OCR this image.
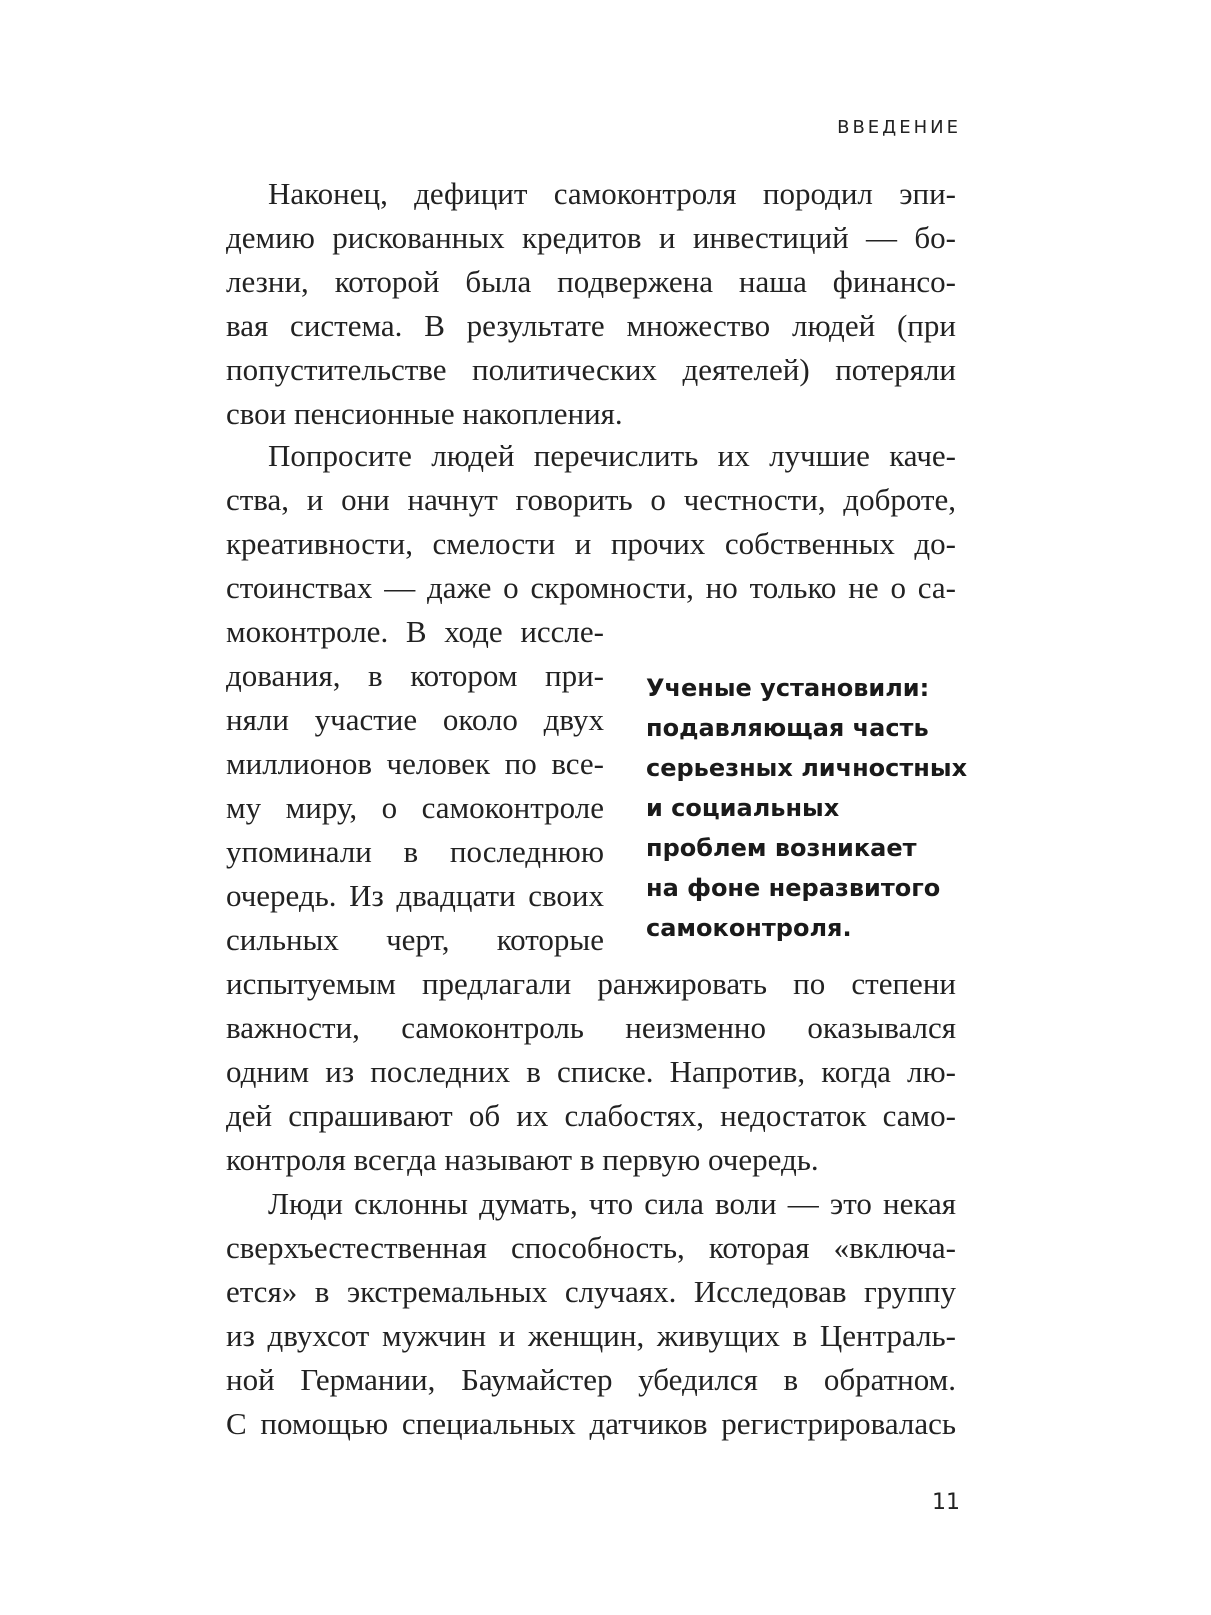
ВВЕДЕНИЕ

Наконец, дефицит самоконтроля породил эпи-

демию рискованных кредитов и инвестиций — бо-

лезни, которой была подвержена наша финансо-

вая система. В результате множество людей (при

попустительстве политических деятелей) потеряли

свои пенсионные накопления.

Попросите людей перечислить их лучшие каче-

ства, и они начнут говорить о честности, доброте,

креативности, смелости и прочих собственных до-

стоинствах — даже о скромности, но только не о са-

моконтроле. В ходе иссле-

дования, в котором при-

няли участие около двух

миллионов человек по все-

му миру, о самоконтроле

упоминали в последнюю

очередь. Из двадцати своих

сильных черт, которые

испытуемым предлагали ранжировать по степени

важности, самоконтроль неизменно оказывался

одним из последних в списке. Напротив, когда лю-

дей спрашивают об их слабостях, недостаток само-

контроля всегда называют в первую очередь.

Люди склонны думать, что сила воли — это некая

сверхъестественная способность, которая «включа-

ется» в экстремальных случаях. Исследовав группу

из двухсот мужчин и женщин, живущих в Централь-

ной Германии, Баумайстер убедился в обратном.

С помощью специальных датчиков регистрировалась

Ученые установили:
подавляющая часть
серьезных личностных
и социальных
проблем возникает
на фоне неразвитого
самоконтроля.

11
